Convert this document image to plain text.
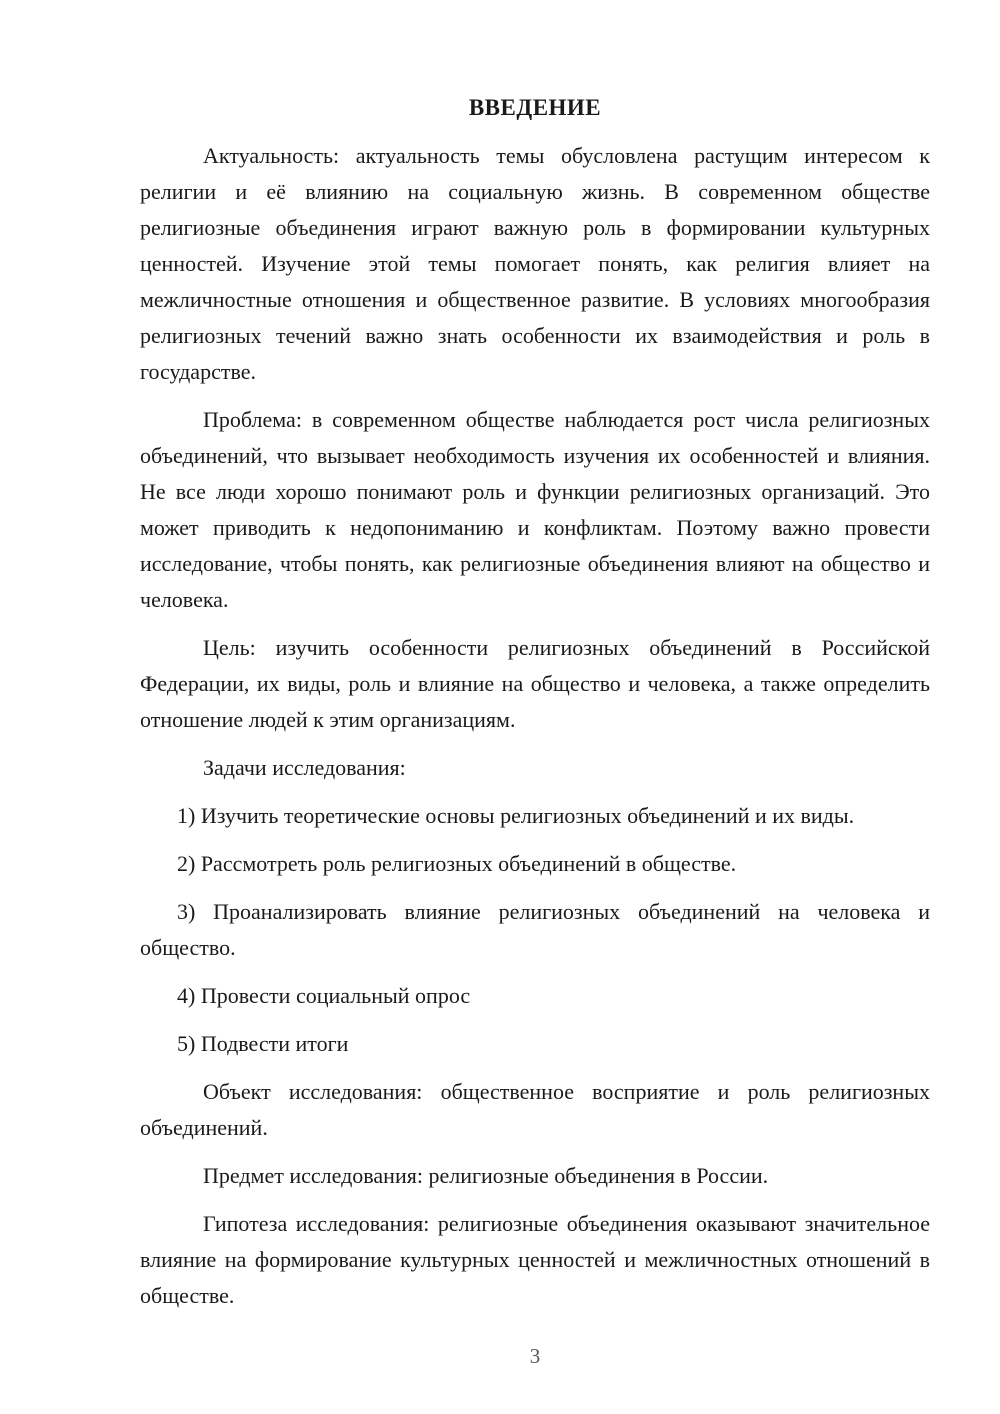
ВВЕДЕНИЕ

Актуальность: актуальность темы обусловлена растущим интересом к религии и её влиянию на социальную жизнь. В современном обществе религиозные объединения играют важную роль в формировании культурных ценностей. Изучение этой темы помогает понять, как религия влияет на межличностные отношения и общественное развитие. В условиях многообразия религиозных течений важно знать особенности их взаимодействия и роль в государстве.

Проблема: в современном обществе наблюдается рост числа религиозных объединений, что вызывает необходимость изучения их особенностей и влияния. Не все люди хорошо понимают роль и функции религиозных организаций. Это может приводить к недопониманию и конфликтам. Поэтому важно провести исследование, чтобы понять, как религиозные объединения влияют на общество и человека.

Цель: изучить особенности религиозных объединений в Российской Федерации, их виды, роль и влияние на общество и человека, а также определить отношение людей к этим организациям.

Задачи исследования:

1) Изучить теоретические основы религиозных объединений и их виды.

2) Рассмотреть роль религиозных объединений в обществе.

3) Проанализировать влияние религиозных объединений на человека и общество.

4) Провести социальный опрос

5) Подвести итоги

Объект исследования: общественное восприятие и роль религиозных объединений.

Предмет исследования: религиозные объединения в России.

Гипотеза исследования: религиозные объединения оказывают значительное влияние на формирование культурных ценностей и межличностных отношений в обществе.

3
